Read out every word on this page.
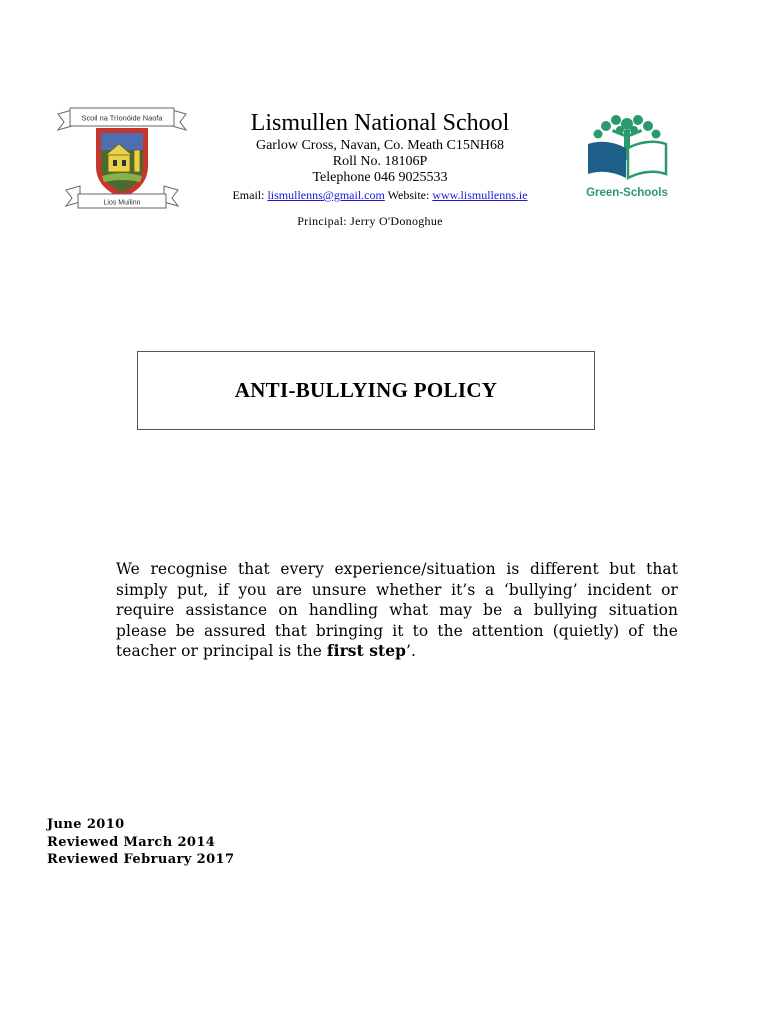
Scoil na Tríonóide Naofa
Lios Muilinn
Lismullen National School
Garlow Cross, Navan, Co. Meath C15NH68
Roll No. 18106P
Telephone 046 9025533
Email: lismullenns@gmail.com Website: www.lismullenns.ie	Green-Schools
Principal: Jerry O'Donoghue
ANTI-BULLYING POLICY
We recognise that every experience/situation is different but that simply put, if you are unsure whether it’s a ‘bullying’ incident or require assistance on handling what may be a bullying situation please be assured that bringing it to the attention (quietly) of the teacher or principal is the first step’.
June 2010
Reviewed March 2014
Reviewed February 2017
